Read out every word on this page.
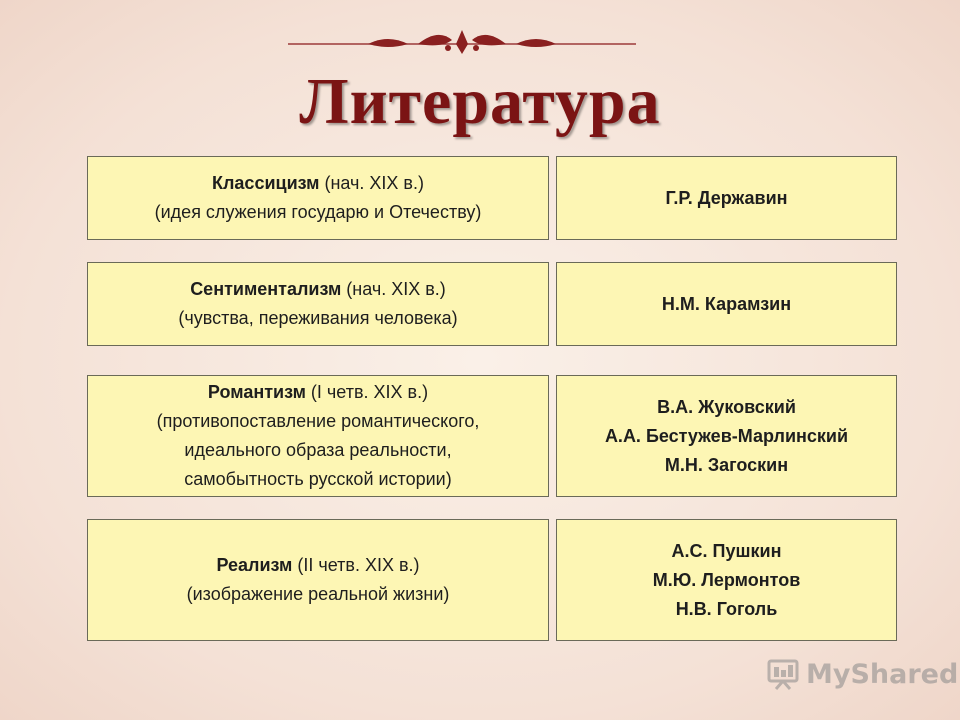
Литература
Классицизм (нач. XIX в.)
(идея служения государю и Отечеству)
Г.Р. Державин
Сентиментализм (нач. XIX в.)
(чувства, переживания человека)
Н.М. Карамзин
Романтизм (I четв. XIX в.)
(противопоставление романтического,
идеального образа реальности,
самобытность русской истории)
В.А. Жуковский
А.А. Бестужев-Марлинский
М.Н. Загоскин
Реализм (II четв. XIX в.)
(изображение реальной жизни)
А.С. Пушкин
М.Ю. Лермонтов
Н.В. Гоголь
MyShared
